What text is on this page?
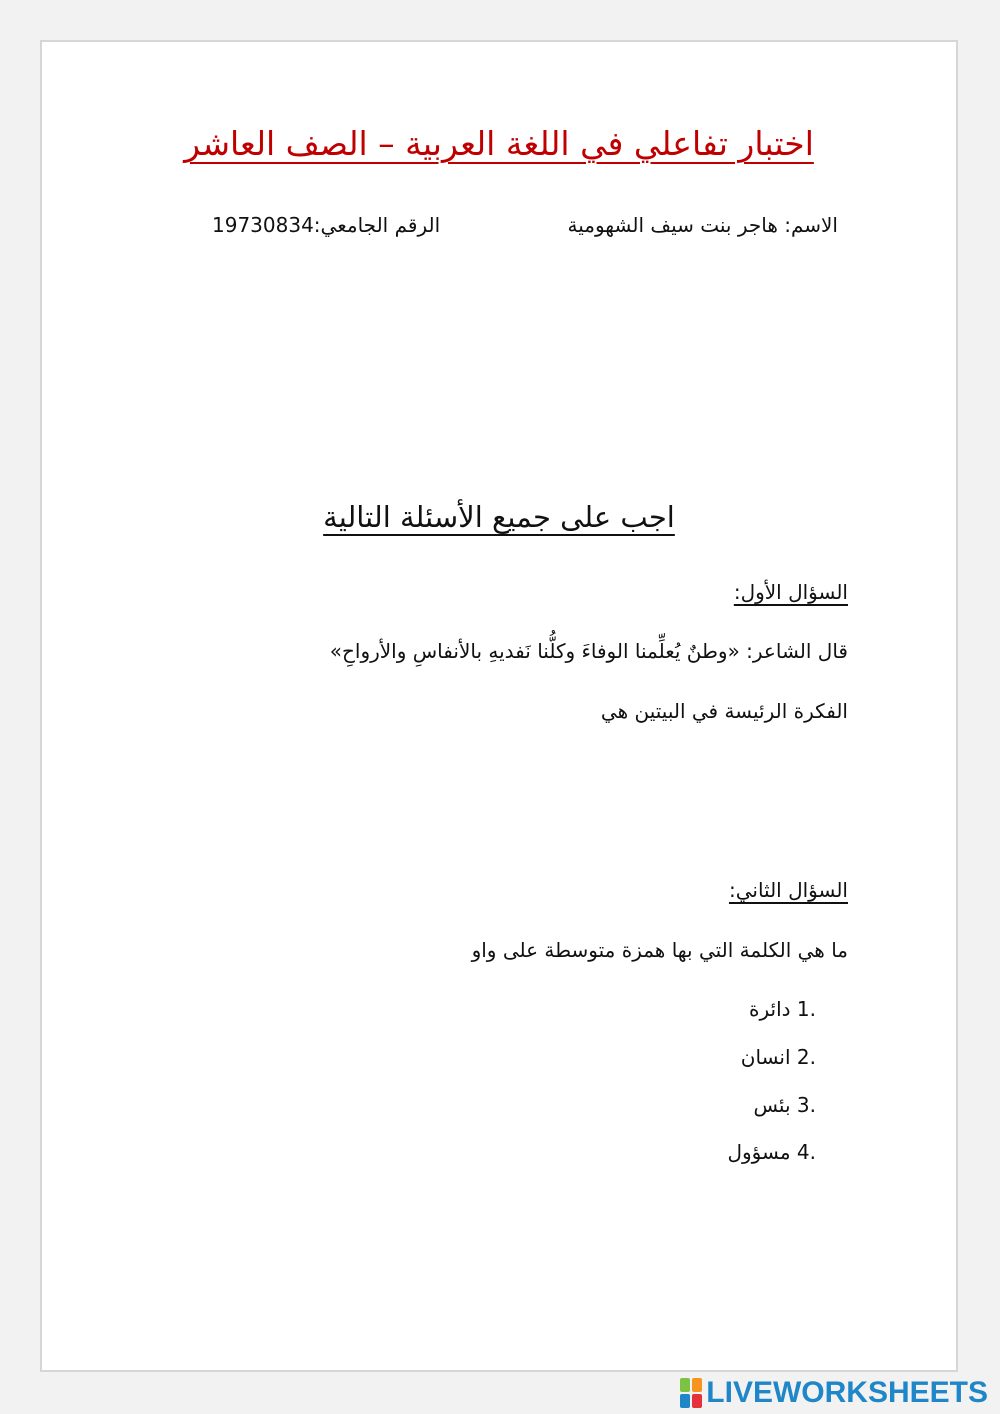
اختبار تفاعلي في اللغة العربية – الصف العاشر
الاسم: هاجر بنت سيف الشهومية
الرقم الجامعي:19730834
اجب على جميع الأسئلة التالية
السؤال الأول:
قال الشاعر: «وطنٌ يُعلِّمنا الوفاءَ وكلُّنا نَفديهِ بالأنفاسِ والأرواحِ»
الفكرة الرئيسة في البيتين هي
السؤال الثاني:
ما هي الكلمة التي بها همزة متوسطة على واو
1. دائرة
2. انسان
3. بئس
4. مسؤول
LIVEWORKSHEETS
